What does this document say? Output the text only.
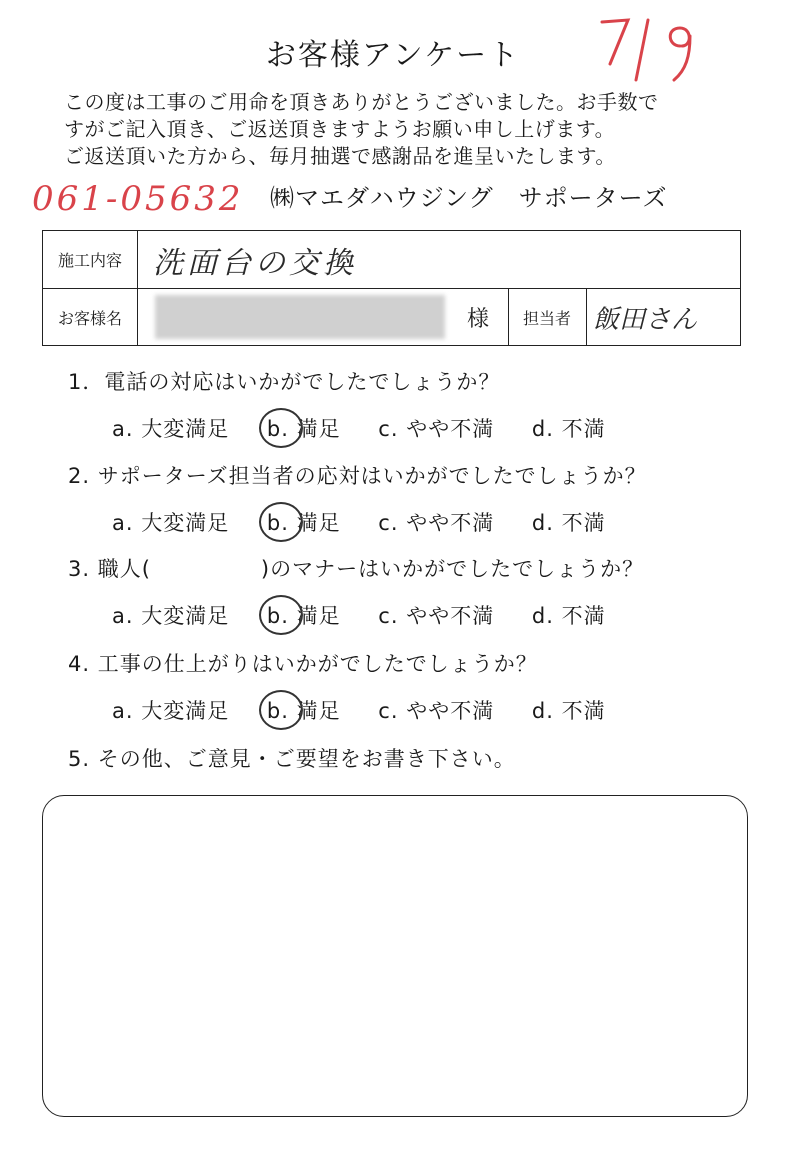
お客様アンケート
この度は工事のご用命を頂きありがとうございました。お手数で
すがご記入頂き、ご返送頂きますようお願い申し上げます。
ご返送頂いた方から、毎月抽選で感謝品を進呈いたします。
061-05632 ㈱マエダハウジング　サポーターズ
施工内容	洗面台の交換
お客様名	様	担当者 飯田さん
1．電話の対応はいかがでしたでしょうか？
a. 大変満足 b. 満足 c. やや不満 d. 不満
2. サポーターズ担当者の応対はいかがでしたでしょうか？
a. 大変満足 b. 満足 c. やや不満 d. 不満
3. 職人(　　　　　)のマナーはいかがでしたでしょうか？
a. 大変満足 b. 満足 c. やや不満 d. 不満
4. 工事の仕上がりはいかがでしたでしょうか？
a. 大変満足 b. 満足 c. やや不満 d. 不満
5. その他、ご意見・ご要望をお書き下さい。
